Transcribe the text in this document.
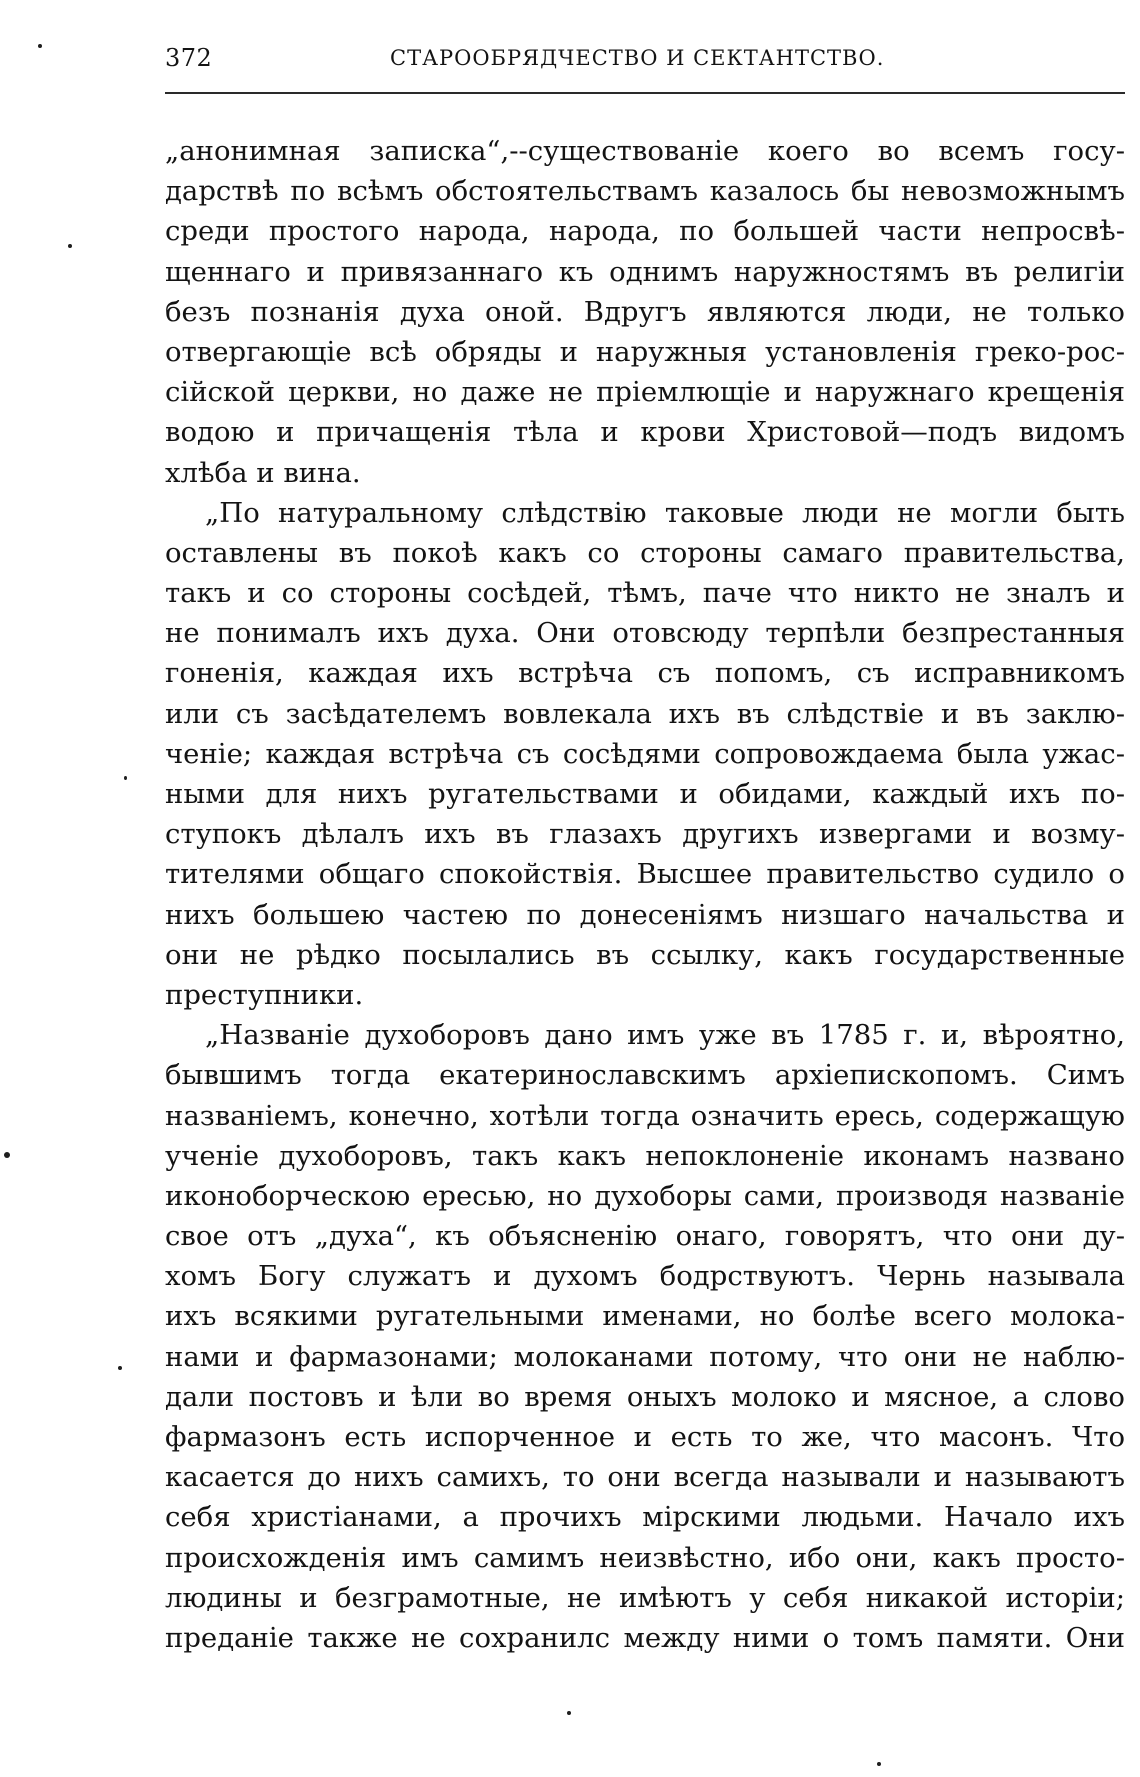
372	СТАРООБРЯДЧЕСТВО И СЕКТАНТСТВО.
„анонимная записка“,--существованіе коего во всемъ госу-
дарствѣ по всѣмъ обстоятельствамъ казалось бы невозможнымъ
среди простого народа, народа, по большей части непросвѣ-
щеннаго и привязаннаго къ однимъ наружностямъ въ религіи
безъ познанія духа оной. Вдругъ являются люди, не только
отвергающіе всѣ обряды и наружныя установленія греко-рос-
сійской церкви, но даже не пріемлющіе и наружнаго крещенія
водою и причащенія тѣла и крови Христовой—подъ видомъ
хлѣба и вина.
„По натуральному слѣдствію таковые люди не могли быть
оставлены въ покоѣ какъ со стороны самаго правительства,
такъ и со стороны сосѣдей, тѣмъ, паче что никто не зналъ и
не понималъ ихъ духа. Они отовсюду терпѣли безпрестанныя
гоненія, каждая ихъ встрѣча съ попомъ, съ исправникомъ
или съ засѣдателемъ вовлекала ихъ въ слѣдствіе и въ заклю-
ченіе; каждая встрѣча съ сосѣдями сопровождаема была ужас-
ными для нихъ ругательствами и обидами, каждый ихъ по-
ступокъ дѣлалъ ихъ въ глазахъ другихъ извергами и возму-
тителями общаго спокойствія. Высшее правительство судило о
нихъ большею частею по донесеніямъ низшаго начальства и
они не рѣдко посылались въ ссылку, какъ государственные
преступники.
„Названіе духоборовъ дано имъ уже въ 1785 г. и, вѣроятно,
бывшимъ тогда екатеринославскимъ архіепископомъ. Симъ
названіемъ, конечно, хотѣли тогда означить ересь, содержащую
ученіе духоборовъ, такъ какъ непоклоненіе иконамъ названо
иконоборческою ересью, но духоборы сами, производя названіе
свое отъ „духа“, къ объясненію онаго, говорятъ, что они ду-
хомъ Богу служатъ и духомъ бодрствуютъ. Чернь называла
ихъ всякими ругательными именами, но болѣе всего молока-
нами и фармазонами; молоканами потому, что они не наблю-
дали постовъ и ѣли во время оныхъ молоко и мясное, а слово
фармазонъ есть испорченное и есть то же, что масонъ. Что
касается до нихъ самихъ, то они всегда называли и называютъ
себя христіанами, а прочихъ мірскими людьми. Начало ихъ
происхожденія имъ самимъ неизвѣстно, ибо они, какъ просто-
людины и безграмотные, не имѣютъ у себя никакой исторіи;
преданіе также не сохранилс между ними о томъ памяти. Они
